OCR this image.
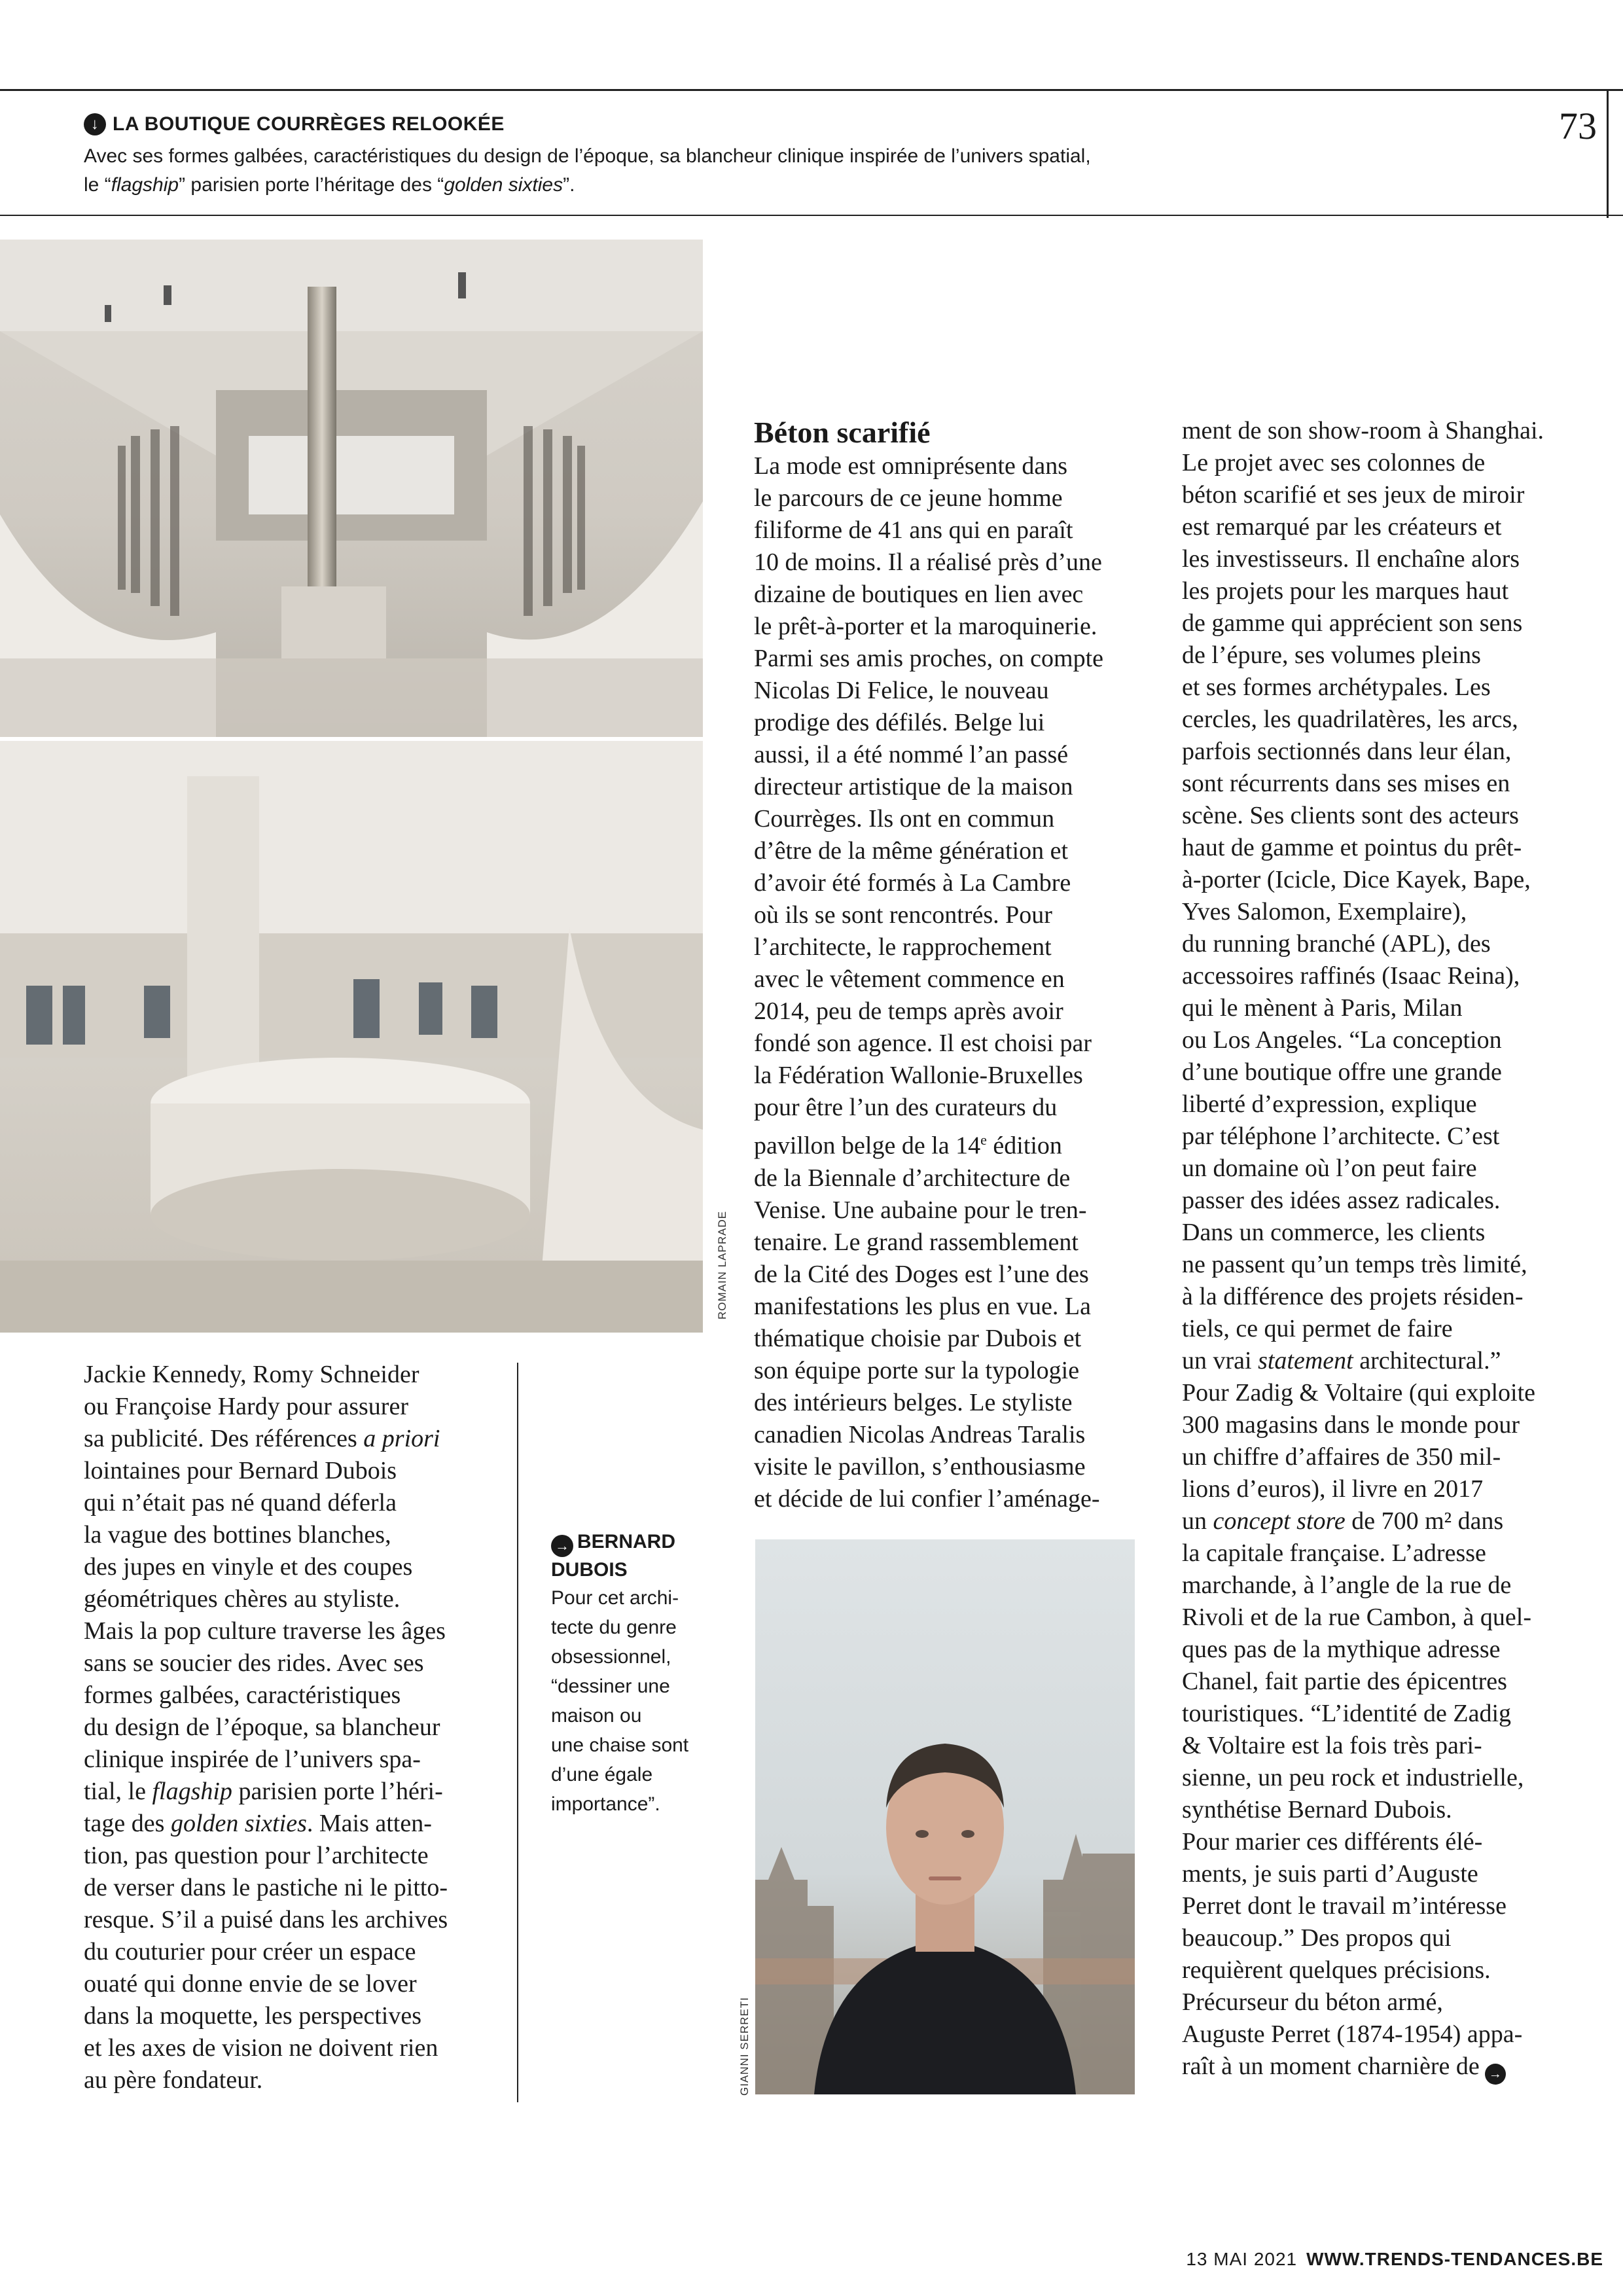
↓ LA BOUTIQUE COURRÈGES RELOOKÉE
Avec ses formes galbées, caractéristiques du design de l’époque, sa blancheur clinique inspirée de l’univers spatial,
le “flagship” parisien porte l’héritage des “golden sixties”.
73
ROMAIN LAPRADE

Jackie Kennedy, Romy Schneider

ou Françoise Hardy pour assurer

sa publicité. Des références a priori

lointaines pour Bernard Dubois

qui n’était pas né quand déferla

la vague des bottines blanches,

des jupes en vinyle et des coupes

géométriques chères au styliste.

Mais la pop culture traverse les âges

sans se soucier des rides. Avec ses

formes galbées, caractéristiques

du design de l’époque, sa blancheur

clinique inspirée de l’univers spa-

tial, le flagship parisien porte l’héri-

tage des golden sixties. Mais atten-

tion, pas question pour l’architecte

de verser dans le pastiche ni le pitto-

resque. S’il a puisé dans les archives

du couturier pour créer un espace

ouaté qui donne envie de se lover

dans la moquette, les perspectives

et les axes de vision ne doivent rien

au père fondateur.

→ BERNARD
DUBOIS
Pour cet archi-
tecte du genre
obsessionnel,
“dessiner une
maison ou
une chaise sont
d’une égale
importance”.

Béton scarifié

La mode est omniprésente dans

le parcours de ce jeune homme

filiforme de 41 ans qui en paraît

10 de moins. Il a réalisé près d’une

dizaine de boutiques en lien avec

le prêt-à-porter et la maroquinerie.

Parmi ses amis proches, on compte

Nicolas Di Felice, le nouveau

prodige des défilés. Belge lui

aussi, il a été nommé l’an passé

directeur artistique de la maison

Courrèges. Ils ont en commun

d’être de la même génération et

d’avoir été formés à La Cambre

où ils se sont rencontrés. Pour

l’architecte, le rapprochement

avec le vêtement commence en

2014, peu de temps après avoir

fondé son agence. Il est choisi par

la Fédération Wallonie-Bruxelles

pour être l’un des curateurs du

pavillon belge de la 14e édition

de la Biennale d’architecture de

Venise. Une aubaine pour le tren-

tenaire. Le grand rassemblement

de la Cité des Doges est l’une des

manifestations les plus en vue. La

thématique choisie par Dubois et

son équipe porte sur la typologie

des intérieurs belges. Le styliste

canadien Nicolas Andreas Taralis

visite le pavillon, s’enthousiasme

et décide de lui confier l’aménage-

GIANNI SERRETI

ment de son show-room à Shanghai.

Le projet avec ses colonnes de

béton scarifié et ses jeux de miroir

est remarqué par les créateurs et

les investisseurs. Il enchaîne alors

les projets pour les marques haut

de gamme qui apprécient son sens

de l’épure, ses volumes pleins

et ses formes archétypales. Les

cercles, les quadrilatères, les arcs,

parfois sectionnés dans leur élan,

sont récurrents dans ses mises en

scène. Ses clients sont des acteurs

haut de gamme et pointus du prêt-

à-porter (Icicle, Dice Kayek, Bape,

Yves Salomon, Exemplaire),

du running branché (APL), des

accessoires raffinés (Isaac Reina),

qui le mènent à Paris, Milan

ou Los Angeles. “La conception

d’une boutique offre une grande

liberté d’expression, explique

par téléphone l’architecte. C’est

un domaine où l’on peut faire

passer des idées assez radicales.

Dans un commerce, les clients

ne passent qu’un temps très limité,

à la différence des projets résiden-

tiels, ce qui permet de faire

un vrai statement architectural.”

Pour Zadig & Voltaire (qui exploite

300 magasins dans le monde pour

un chiffre d’affaires de 350 mil-

lions d’euros), il livre en 2017

un concept store de 700 m² dans

la capitale française. L’adresse

marchande, à l’angle de la rue de

Rivoli et de la rue Cambon, à quel-

ques pas de la mythique adresse

Chanel, fait partie des épicentres

touristiques. “L’identité de Zadig

& Voltaire est la fois très pari-

sienne, un peu rock et industrielle,

synthétise Bernard Dubois.

Pour marier ces différents élé-

ments, je suis parti d’Auguste

Perret dont le travail m’intéresse

beaucoup.” Des propos qui

requièrent quelques précisions.

Précurseur du béton armé,

Auguste Perret (1874-1954) appa-

raît à un moment charnière de →

13 MAI 2021 WWW.TRENDS-TENDANCES.BE
